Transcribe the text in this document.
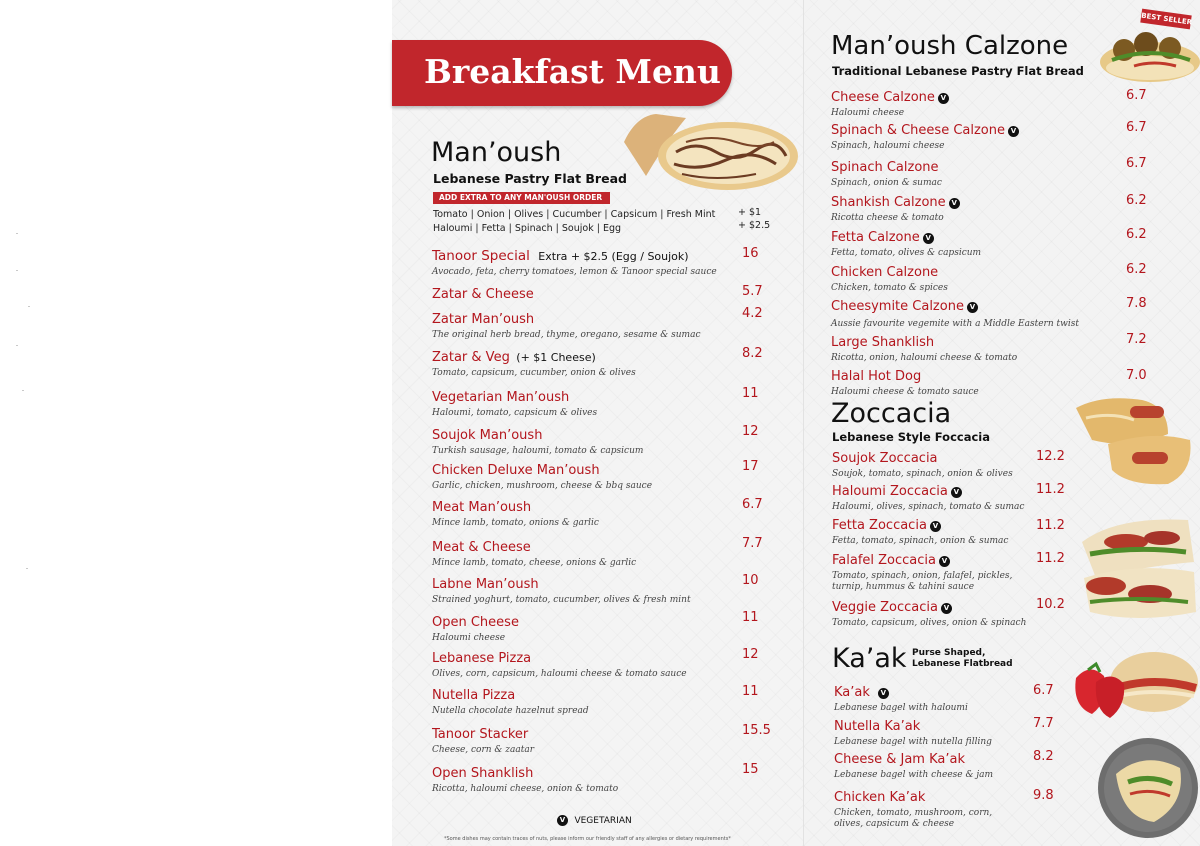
Breakfast Menu
Man’oush
Lebanese Pastry Flat Bread
ADD EXTRA TO ANY MAN'OUSH ORDER
Tomato | Onion | Olives | Cucumber | Capsicum | Fresh Mint + $1
Haloumi | Fetta | Spinach | Soujok | Egg	+ $2.5
Tanoor Special Extra + $2.5 (Egg / Soujok)
Avocado, feta, cherry tomatoes, lemon & Tanoor special sauce
16
Zatar & Cheese	5.7
Zatar Man’oush
The original herb bread, thyme, oregano, sesame & sumac
4.2
Zatar & Veg (+ $1 Cheese)
Tomato, capsicum, cucumber, onion & olives
8.2
Vegetarian Man’oush
Haloumi, tomato, capsicum & olives
11
Soujok Man’oush
Turkish sausage, haloumi, tomato & capsicum
12
Chicken Deluxe Man’oush
Garlic, chicken, mushroom, cheese & bbq sauce
17
Meat Man’oush
Mince lamb, tomato, onions & garlic
6.7
Meat & Cheese
Mince lamb, tomato, cheese, onions & garlic
7.7
Labne Man’oush
Strained yoghurt, tomato, cucumber, olives & fresh mint
10
Open Cheese
Haloumi cheese
11
Lebanese Pizza
Olives, corn, capsicum, haloumi cheese & tomato sauce
12
Nutella Pizza
Nutella chocolate hazelnut spread
11
Tanoor Stacker
Cheese, corn & zaatar
15.5
Open Shanklish
Ricotta, haloumi cheese, onion & tomato
15
V VEGETARIAN
*Some dishes may contain traces of nuts, please inform our friendly staff of any allergies or dietary requirements*
Man’oush Calzone
Traditional Lebanese Pastry Flat Bread
BEST SELLER
Cheese Calzone V
Haloumi cheese
6.7
Spinach & Cheese Calzone V
Spinach, haloumi cheese
6.7
Spinach Calzone
Spinach, onion & sumac
6.7
Shankish Calzone V
Ricotta cheese & tomato
6.2
Fetta Calzone V
Fetta, tomato, olives & capsicum
6.2
Chicken Calzone
Chicken, tomato & spices
6.2
Cheesymite Calzone V
Aussie favourite vegemite with a Middle Eastern twist
7.8
Large Shanklish
Ricotta, onion, haloumi cheese & tomato
7.2
Halal Hot Dog
Haloumi cheese & tomato sauce
7.0
Zoccacia
Lebanese Style Foccacia
Soujok Zoccacia
Soujok, tomato, spinach, onion & olives
12.2
Haloumi Zoccacia V
Haloumi, olives, spinach, tomato & sumac
11.2
Fetta Zoccacia V
Fetta, tomato, spinach, onion & sumac
11.2
Falafel Zoccacia V
Tomato, spinach, onion, falafel, pickles,
turnip, hummus & tahini sauce
11.2
Veggie Zoccacia V
Tomato, capsicum, olives, onion & spinach
10.2
Ka’ak Purse Shaped,
Lebanese Flatbread
Ka’ak V
Lebanese bagel with haloumi
6.7
Nutella Ka’ak
Lebanese bagel with nutella filling
7.7
Cheese & Jam Ka’ak
Lebanese bagel with cheese & jam
8.2
Chicken Ka’ak
Chicken, tomato, mushroom, corn,
olives, capsicum & cheese
9.8
